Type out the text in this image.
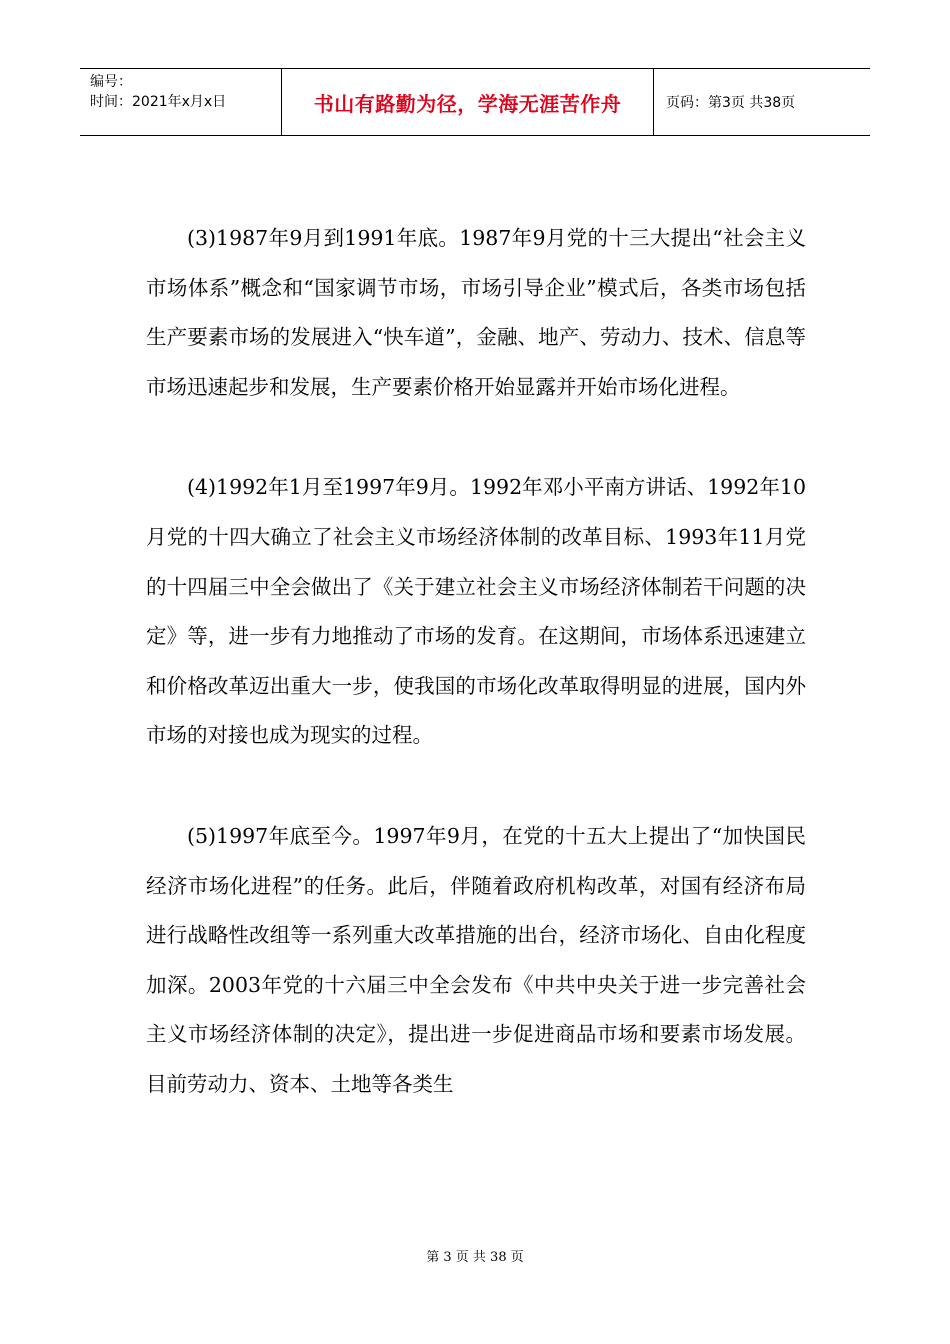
编号：
时间：2021年x月x日	书山有路勤为径，学海无涯苦作舟	页码：第3页 共38页

(3)1987年9月到1991年底。1987年9月党的十三大提出“社会主义市场体系”概念和“国家调节市场，市场引导企业”模式后，各类市场包括生产要素市场的发展进入“快车道”，金融、地产、劳动力、技术、信息等市场迅速起步和发展，生产要素价格开始显露并开始市场化进程。

(4)1992年1月至1997年9月。1992年邓小平南方讲话、1992年10月党的十四大确立了社会主义市场经济体制的改革目标、1993年11月党的十四届三中全会做出了《关于建立社会主义市场经济体制若干问题的决定》等，进一步有力地推动了市场的发育。在这期间，市场体系迅速建立和价格改革迈出重大一步，使我国的市场化改革取得明显的进展，国内外市场的对接也成为现实的过程。

(5)1997年底至今。1997年9月，在党的十五大上提出了“加快国民经济市场化进程”的任务。此后，伴随着政府机构改革，对国有经济布局进行战略性改组等一系列重大改革措施的出台，经济市场化、自由化程度加深。2003年党的十六届三中全会发布《中共中央关于进一步完善社会主义市场经济体制的决定》，提出进一步促进商品市场和要素市场发展。目前劳动力、资本、土地等各类生

第 3 页 共 38 页
